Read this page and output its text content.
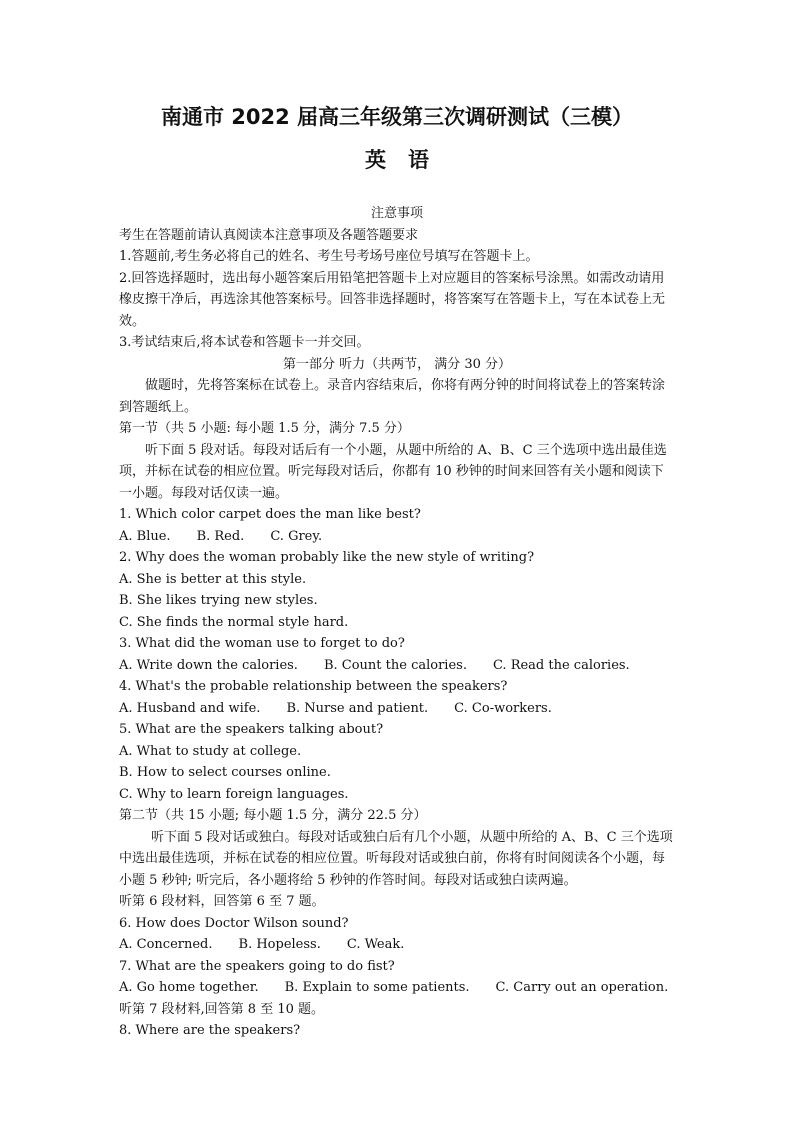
南通市 2022 届高三年级第三次调研测试（三模）
英语

注意事项

考生在答题前请认真阅读本注意事项及各题答题要求

1.答题前,考生务必将自己的姓名、考生号考场号座位号填写在答题卡上。

2.回答选择题时，选出每小题答案后用铅笔把答题卡上对应题目的答案标号涂黑。如需改动请用橡皮擦干净后，再选涂其他答案标号。回答非选择题时，将答案写在答题卡上，写在本试卷上无效。

3.考试结束后,将本试卷和答题卡一并交回。

第一部分 听力（共两节， 满分 30 分）

做题时，先将答案标在试卷上。录音内容结束后，你将有两分钟的时间将试卷上的答案转涂到答题纸上。

第一节（共 5 小题: 每小题 1.5 分，满分 7.5 分）

听下面 5 段对话。每段对话后有一个小题，从题中所给的 A、B、C 三个选项中选出最佳选项，并标在试卷的相应位置。听完每段对话后，你都有 10 秒钟的时间来回答有关小题和阅读下一小题。每段对话仅读一遍。

1. Which color carpet does the man like best?

A. Blue. B. Red. C. Grey.

2. Why does the woman probably like the new style of writing?

A. She is better at this style.

B. She likes trying new styles.

C. She finds the normal style hard.

3. What did the woman use to forget to do?

A. Write down the calories. B. Count the calories. C. Read the calories.

4. What's the probable relationship between the speakers?

A. Husband and wife. B. Nurse and patient. C. Co-workers.

5. What are the speakers talking about?

A. What to study at college.

B. How to select courses online.

C. Why to learn foreign languages.

第二节（共 15 小题; 每小题 1.5 分，满分 22.5 分）

听下面 5 段对话或独白。每段对话或独白后有几个小题，从题中所给的 A、B、C 三个选项中选出最佳选项，并标在试卷的相应位置。听每段对话或独白前，你将有时间阅读各个小题，每小题 5 秒钟; 听完后，各小题将给 5 秒钟的作答时间。每段对话或独白读两遍。

听第 6 段材料，回答第 6 至 7 题。

6. How does Doctor Wilson sound?

A. Concerned. B. Hopeless. C. Weak.

7. What are the speakers going to do fist?

A. Go home together. B. Explain to some patients. C. Carry out an operation.

听第 7 段材料,回答第 8 至 10 题。

8. Where are the speakers?
